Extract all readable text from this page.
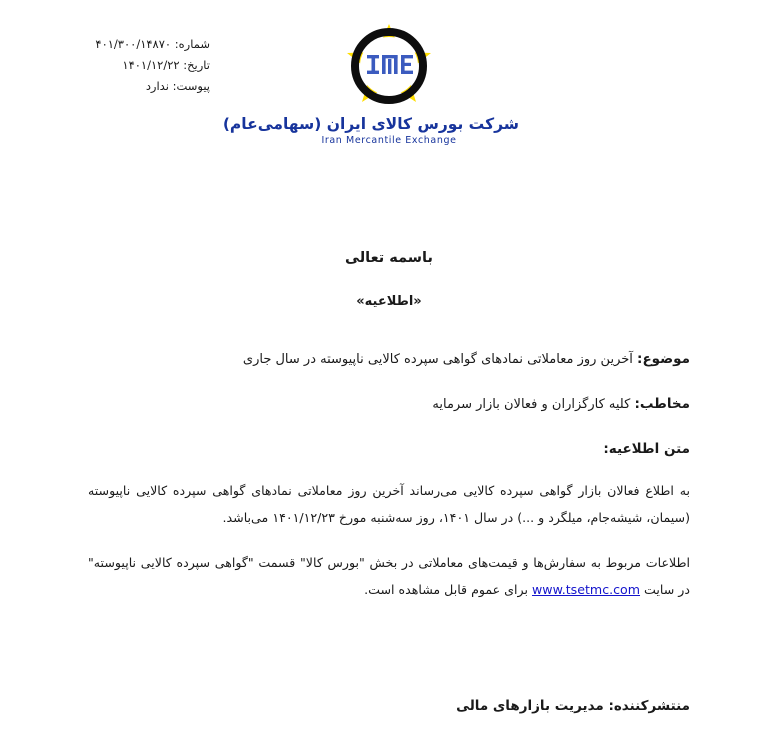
شماره: ۴۰۱/۳۰۰/۱۴۸۷۰
تاریخ: ۱۴۰۱/۱۲/۲۲
پیوست: ندارد
شرکت بورس کالای ایران (سهامی‌عام)
Iran Mercantile Exchange
باسمه تعالی
«اطلاعیه»
موضوع: آخرین روز معاملاتی نمادهای گواهی سپرده کالایی ناپیوسته در سال جاری
مخاطب: کلیه کارگزاران و فعالان بازار سرمایه
متن اطلاعیه:
به اطلاع فعالان بازار گواهی سپرده کالایی می‌رساند آخرین روز معاملاتی نمادهای گواهی سپرده کالایی ناپیوسته (سیمان، شیشه‌جام، میلگرد و ...) در سال ۱۴۰۱، روز سه‌شنبه مورخ ۱۴۰۱/۱۲/۲۳ می‌باشد.
اطلاعات مربوط به سفارش‌ها و قیمت‌های معاملاتی در بخش "بورس کالا" قسمت "گواهی سپرده کالایی ناپیوسته" در سایت www.tsetmc.com برای عموم قابل مشاهده است.
منتشرکننده: مدیریت بازارهای مالی
